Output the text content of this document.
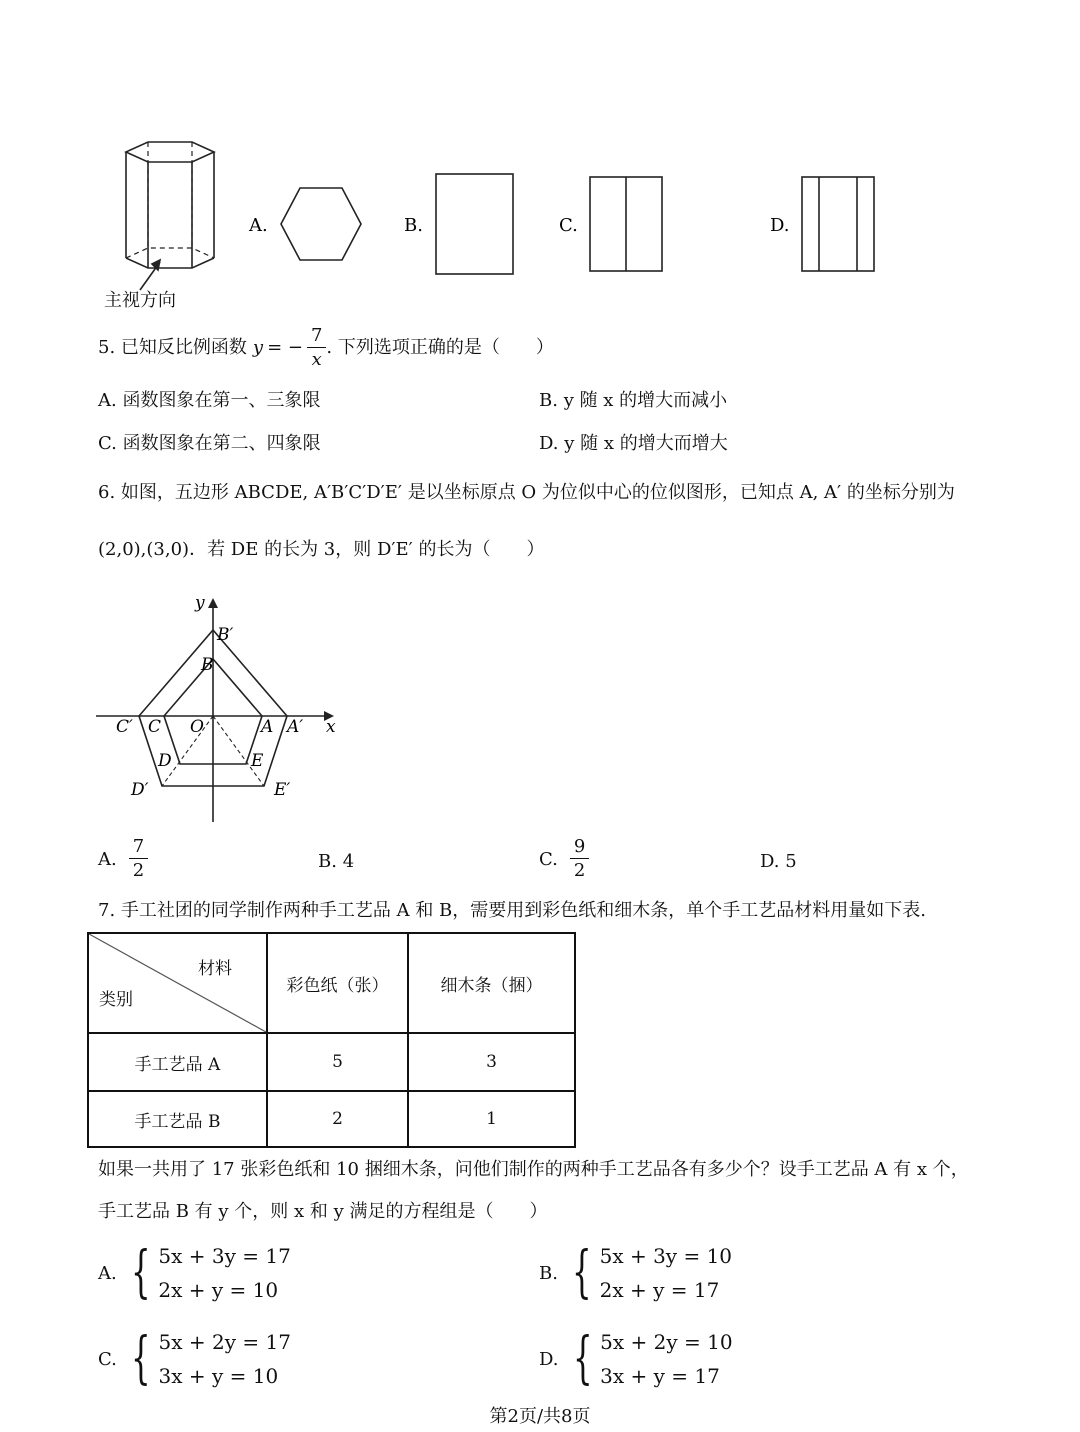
A.	B.	C.	D.
主视方向
5. 已知反比例函数 y = − $\frac{7}{x}$ . 下列选项正确的是（　　）
A. 函数图象在第一、三象限	B. y 随 x 的增大而减小
C. 函数图象在第二、四象限	D. y 随 x 的增大而增大
6. 如图，五边形 ABCDE, A′B′C′D′E′ 是以坐标原点 O 为位似中心的位似图形，已知点 A, A′ 的坐标分别为
(2,0),(3,0)．若 DE 的长为 3，则 D′E′ 的长为（　　）
y
x
O	A A′
B
B′
C
C′
D
D′
E
E′
A. $\frac{7}{2}$	B. 4	C. $\frac{9}{2}$	D. 5
7. 手工社团的同学制作两种手工艺品 A 和 B，需要用到彩色纸和细木条，单个手工艺品材料用量如下表.
材料
类别	彩色纸（张）	细木条（捆）
手工艺品 A	5	3
手工艺品 B	2	1
如果一共用了 17 张彩色纸和 10 捆细木条，问他们制作的两种手工艺品各有多少个？设手工艺品 A 有 x 个，
手工艺品 B 有 y 个，则 x 和 y 满足的方程组是（　　）
A. { 5x + 3y = 17
2x + y = 10
B. { 5x + 3y = 10
2x + y = 17
C. { 5x + 2y = 17
3x + y = 10
D. { 5x + 2y = 10
3x + y = 17
第2页/共8页
